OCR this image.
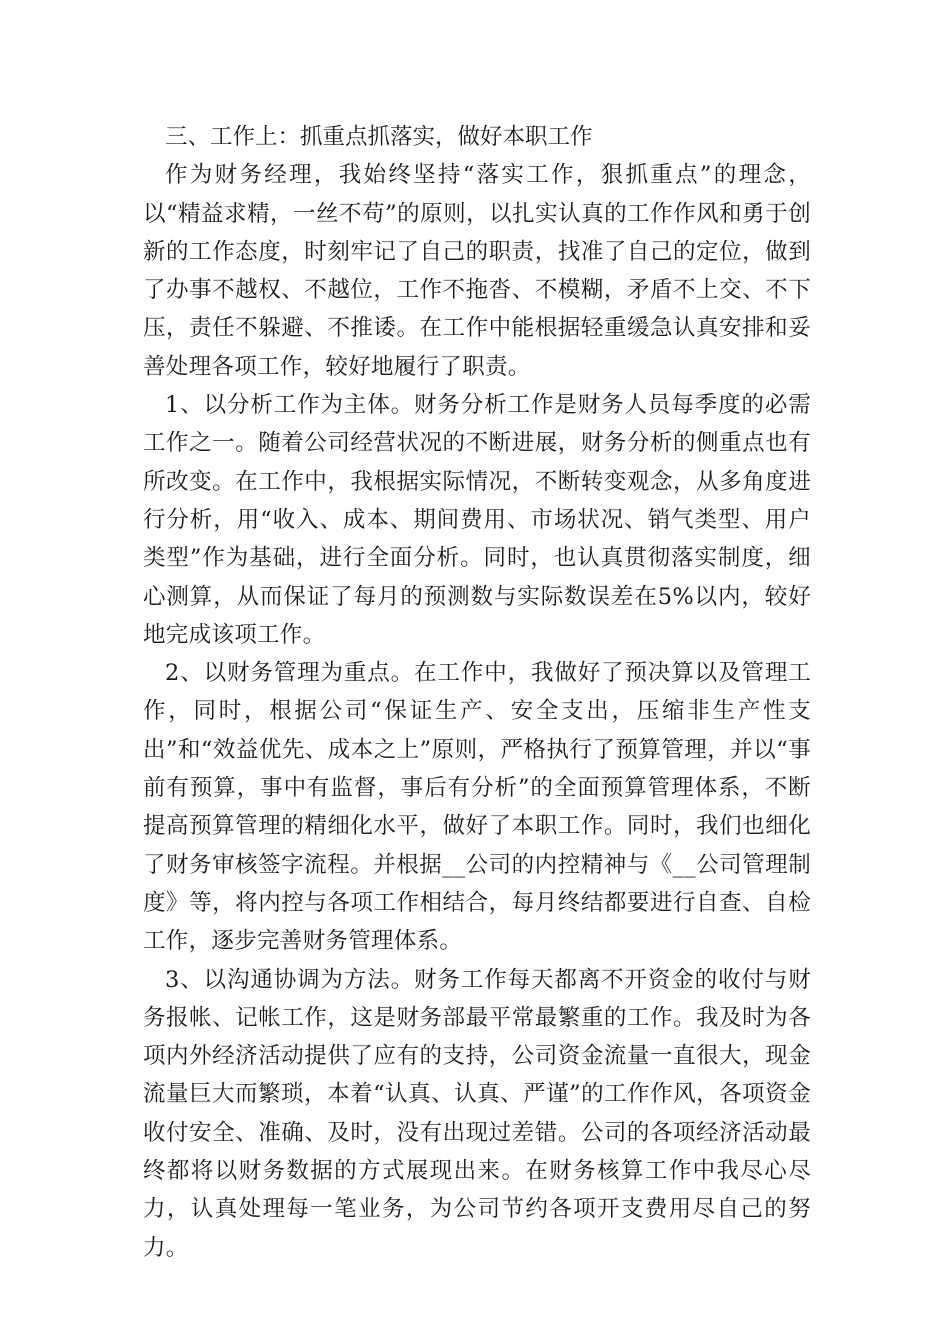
三、工作上：抓重点抓落实，做好本职工作

作为财务经理，我始终坚持“落实工作，狠抓重点”的理念，以“精益求精，一丝不苟”的原则，以扎实认真的工作作风和勇于创新的工作态度，时刻牢记了自己的职责，找准了自己的定位，做到了办事不越权、不越位，工作不拖沓、不模糊，矛盾不上交、不下压，责任不躲避、不推诿。在工作中能根据轻重缓急认真安排和妥善处理各项工作，较好地履行了职责。

1、以分析工作为主体。财务分析工作是财务人员每季度的必需工作之一。随着公司经营状况的不断进展，财务分析的侧重点也有所改变。在工作中，我根据实际情况，不断转变观念，从多角度进行分析，用“收入、成本、期间费用、市场状况、销气类型、用户类型”作为基础，进行全面分析。同时，也认真贯彻落实制度，细心测算，从而保证了每月的预测数与实际数误差在5%以内，较好地完成该项工作。

2、以财务管理为重点。在工作中，我做好了预决算以及管理工作，同时，根据公司“保证生产、安全支出，压缩非生产性支出”和“效益优先、成本之上”原则，严格执行了预算管理，并以“事前有预算，事中有监督，事后有分析”的全面预算管理体系，不断提高预算管理的精细化水平，做好了本职工作。同时，我们也细化了财务审核签字流程。并根据__公司的内控精神与《__公司管理制度》等，将内控与各项工作相结合，每月终结都要进行自查、自检工作，逐步完善财务管理体系。

3、以沟通协调为方法。财务工作每天都离不开资金的收付与财务报帐、记帐工作，这是财务部最平常最繁重的工作。我及时为各项内外经济活动提供了应有的支持，公司资金流量一直很大，现金流量巨大而繁琐，本着“认真、认真、严谨”的工作作风，各项资金收付安全、准确、及时，没有出现过差错。公司的各项经济活动最终都将以财务数据的方式展现出来。在财务核算工作中我尽心尽力，认真处理每一笔业务，为公司节约各项开支费用尽自己的努力。
